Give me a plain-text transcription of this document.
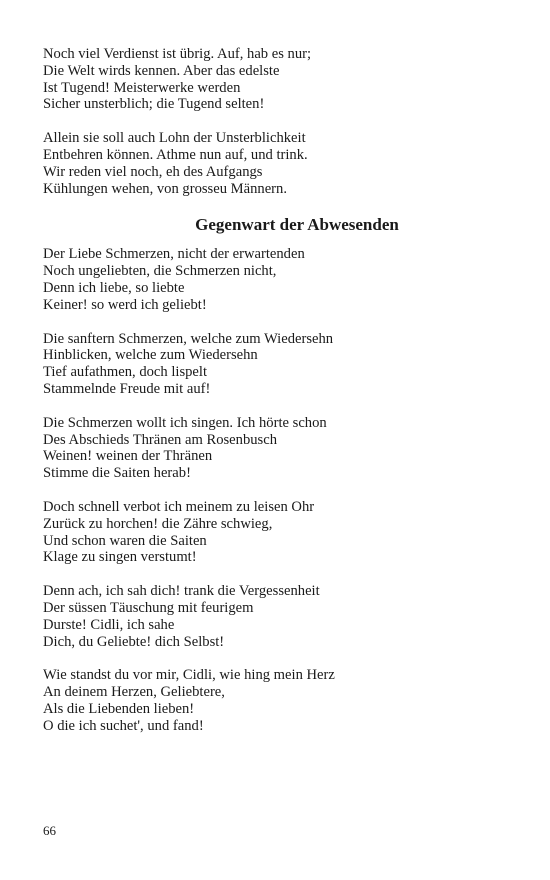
Noch viel Verdienst ist übrig. Auf, hab es nur;
Die Welt wirds kennen. Aber das edelste
Ist Tugend! Meisterwerke werden
Sicher unsterblich; die Tugend selten!
Allein sie soll auch Lohn der Unsterblichkeit
Entbehren können. Athme nun auf, und trink.
Wir reden viel noch, eh des Aufgangs
Kühlungen wehen, von grosseu Männern.
Gegenwart der Abwesenden
Der Liebe Schmerzen, nicht der erwartenden
Noch ungeliebten, die Schmerzen nicht,
Denn ich liebe, so liebte
Keiner! so werd ich geliebt!
Die sanftern Schmerzen, welche zum Wiedersehn
Hinblicken, welche zum Wiedersehn
Tief aufathmen, doch lispelt
Stammelnde Freude mit auf!
Die Schmerzen wollt ich singen. Ich hörte schon
Des Abschieds Thränen am Rosenbusch
Weinen! weinen der Thränen
Stimme die Saiten herab!
Doch schnell verbot ich meinem zu leisen Ohr
Zurück zu horchen! die Zähre schwieg,
Und schon waren die Saiten
Klage zu singen verstumt!
Denn ach, ich sah dich! trank die Vergessenheit
Der süssen Täuschung mit feurigem
Durste! Cidli, ich sahe
Dich, du Geliebte! dich Selbst!
Wie standst du vor mir, Cidli, wie hing mein Herz
An deinem Herzen, Geliebtere,
Als die Liebenden lieben!
O die ich suchet', und fand!
66
